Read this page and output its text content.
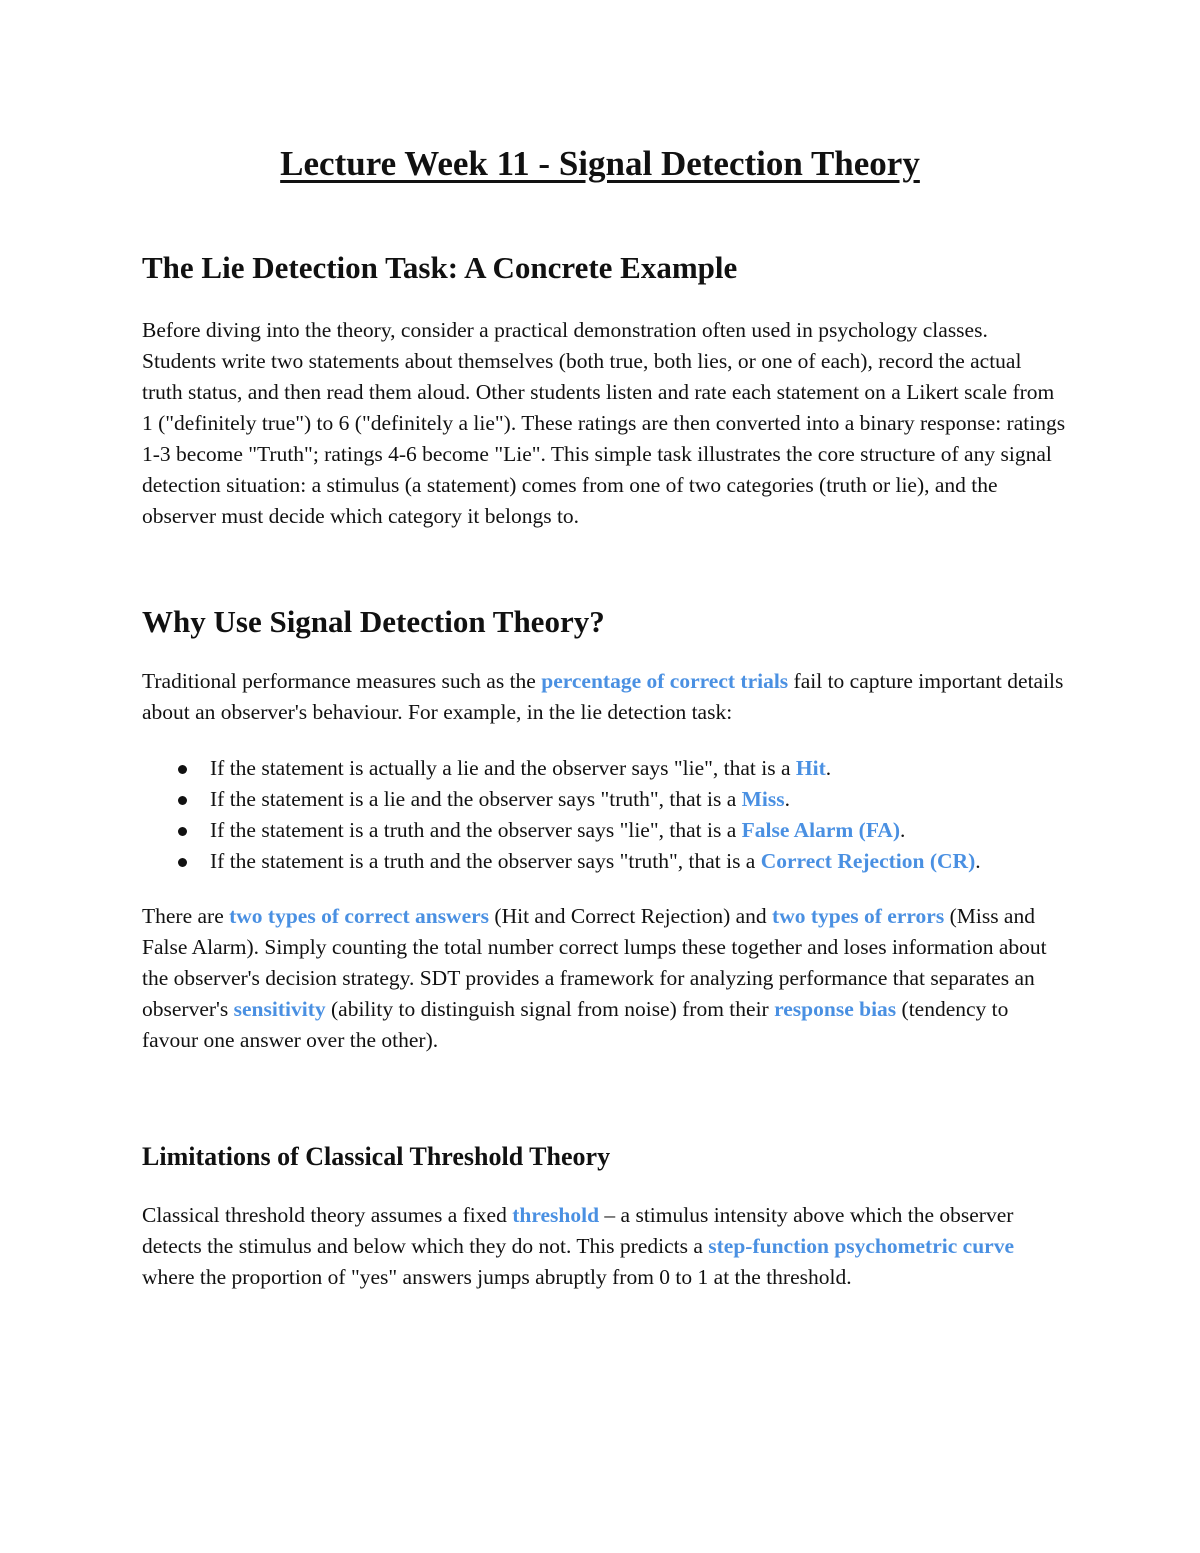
Lecture Week 11 - Signal Detection Theory
The Lie Detection Task: A Concrete Example

Before diving into the theory, consider a practical demonstration often used in psychology classes. Students write two statements about themselves (both true, both lies, or one of each), record the actual truth status, and then read them aloud. Other students listen and rate each statement on a Likert scale from 1 ("definitely true") to 6 ("definitely a lie"). These ratings are then converted into a binary response: ratings 1-3 become "Truth"; ratings 4-6 become "Lie". This simple task illustrates the core structure of any signal detection situation: a stimulus (a statement) comes from one of two categories (truth or lie), and the observer must decide which category it belongs to.

Why Use Signal Detection Theory?

Traditional performance measures such as the percentage of correct trials fail to capture important details about an observer's behaviour. For example, in the lie detection task:

If the statement is actually a lie and the observer says "lie", that is a Hit.
If the statement is a lie and the observer says "truth", that is a Miss.
If the statement is a truth and the observer says "lie", that is a False Alarm (FA).
If the statement is a truth and the observer says "truth", that is a Correct Rejection (CR).

There are two types of correct answers (Hit and Correct Rejection) and two types of errors (Miss and False Alarm). Simply counting the total number correct lumps these together and loses information about the observer's decision strategy. SDT provides a framework for analyzing performance that separates an observer's sensitivity (ability to distinguish signal from noise) from their response bias (tendency to favour one answer over the other).

Limitations of Classical Threshold Theory

Classical threshold theory assumes a fixed threshold – a stimulus intensity above which the observer detects the stimulus and below which they do not. This predicts a step-function psychometric curve where the proportion of "yes" answers jumps abruptly from 0 to 1 at the threshold.
